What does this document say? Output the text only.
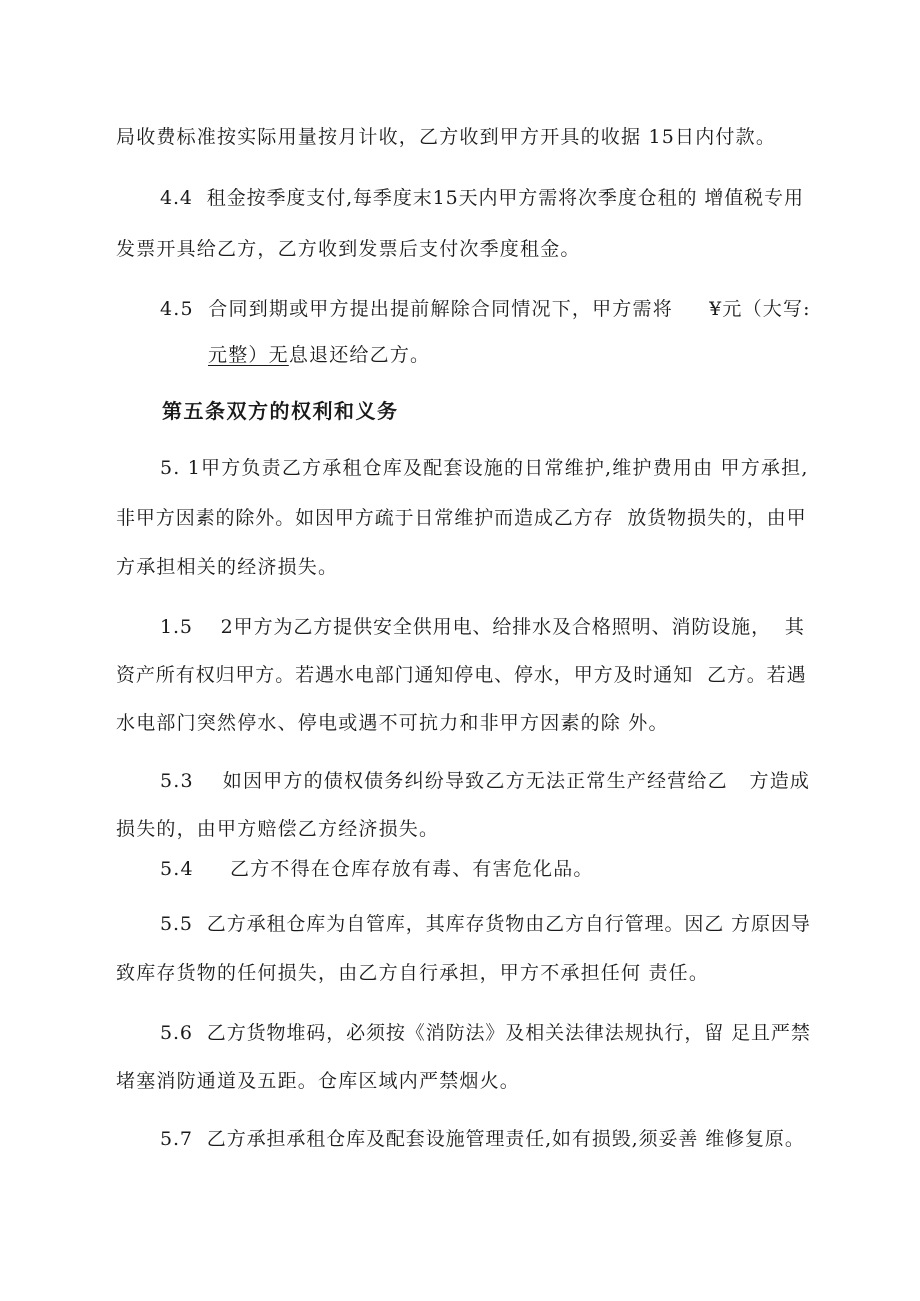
局收费标准按实际用量按月计收，乙方收到甲方开具的收据 15日内付款。
4.4  租金按季度支付,每季度末15天内甲方需将次季度仓租的 增值税专用
发票开具给乙方，乙方收到发票后支付次季度租金。
4.5  合同到期或甲方提出提前解除合同情况下，甲方需将     ¥元（大写:
元整）无息退还给乙方。
第五条双方的权利和义务
5. 1甲方负责乙方承租仓库及配套设施的日常维护,维护费用由 甲方承担,
非甲方因素的除外。如因甲方疏于日常维护而造成乙方存  放货物损失的，由甲
方承担相关的经济损失。
1.5    2甲方为乙方提供安全供用电、给排水及合格照明、消防设施，  其
资产所有权归甲方。若遇水电部门通知停电、停水，甲方及时通知  乙方。若遇
水电部门突然停水、停电或遇不可抗力和非甲方因素的除 外。
5.3    如因甲方的债权债务纠纷导致乙方无法正常生产经营给乙   方造成
损失的，由甲方赔偿乙方经济损失。
5.4     乙方不得在仓库存放有毒、有害危化品。
5.5  乙方承租仓库为自管库，其库存货物由乙方自行管理。因乙 方原因导
致库存货物的任何损失，由乙方自行承担，甲方不承担任何 责任。
5.6  乙方货物堆码，必须按《消防法》及相关法律法规执行，留 足且严禁
堵塞消防通道及五距。仓库区域内严禁烟火。
5.7  乙方承担承租仓库及配套设施管理责任,如有损毁,须妥善 维修复原。
